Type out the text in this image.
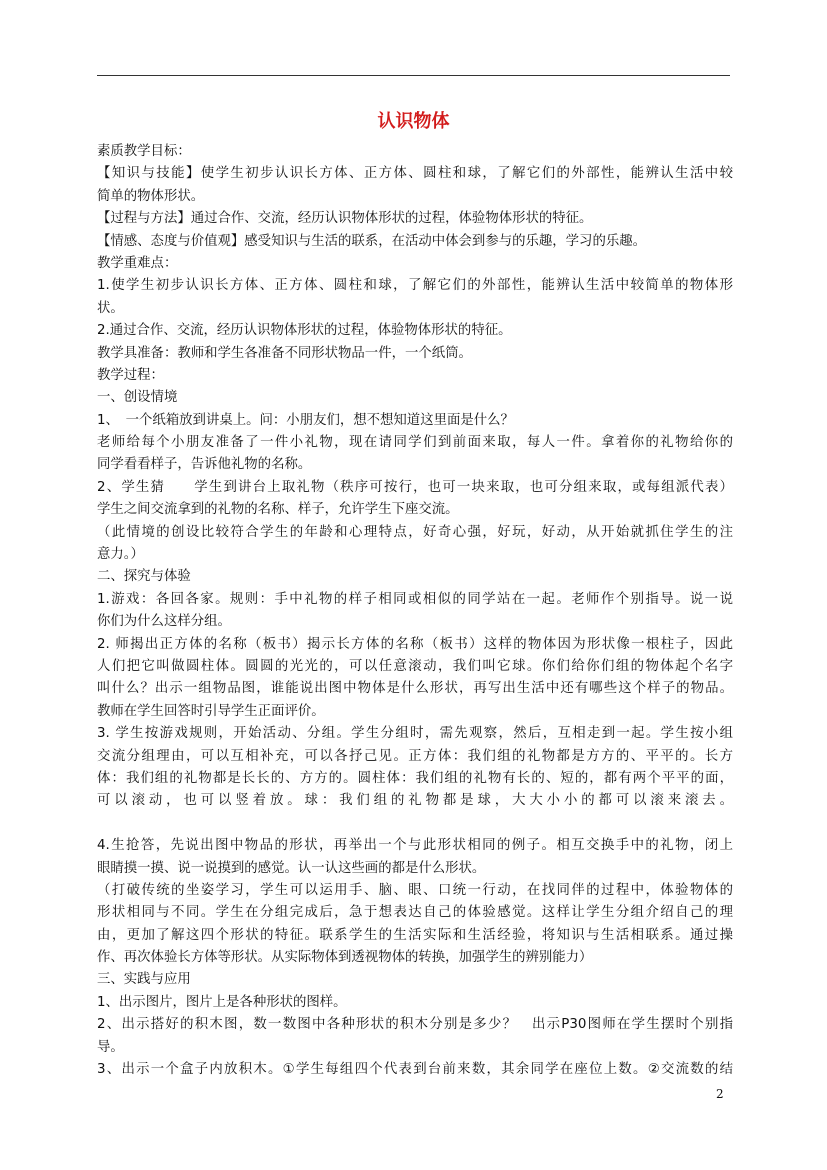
认识物体

素质教学目标：

【知识与技能】使学生初步认识长方体、正方体、圆柱和球，了解它们的外部性，能辨认生活中较

简单的物体形状。

【过程与方法】通过合作、交流，经历认识物体形状的过程，体验物体形状的特征。

【情感、态度与价值观】感受知识与生活的联系，在活动中体会到参与的乐趣，学习的乐趣。

教学重难点：

1.使学生初步认识长方体、正方体、圆柱和球，了解它们的外部性，能辨认生活中较简单的物体形

状。

2.通过合作、交流，经历认识物体形状的过程，体验物体形状的特征。

教学具准备：教师和学生各准备不同形状物品一件，一个纸筒。

教学过程：

一、创设情境

1、　一个纸箱放到讲桌上。问：小朋友们，想不想知道这里面是什么？

老师给每个小朋友准备了一件小礼物，现在请同学们到前面来取，每人一件。拿着你的礼物给你的

同学看看样子，告诉他礼物的名称。

2、学生猜　　学生到讲台上取礼物（秩序可按行，也可一块来取，也可分组来取，或每组派代表）

学生之间交流拿到的礼物的名称、样子，允许学生下座交流。

（此情境的创设比较符合学生的年龄和心理特点，好奇心强，好玩，好动，从开始就抓住学生的注

意力。）

二、探究与体验

1.游戏：各回各家。规则：手中礼物的样子相同或相似的同学站在一起。老师作个别指导。说一说

你们为什么这样分组。

2. 师揭出正方体的名称（板书）揭示长方体的名称（板书）这样的物体因为形状像一根柱子，因此

人们把它叫做圆柱体。圆圆的光光的，可以任意滚动，我们叫它球。你们给你们组的物体起个名字

叫什么？出示一组物品图，谁能说出图中物体是什么形状，再写出生活中还有哪些这个样子的物品。

教师在学生回答时引导学生正面评价。

3. 学生按游戏规则，开始活动、分组。学生分组时，需先观察，然后，互相走到一起。学生按小组

交流分组理由，可以互相补充，可以各抒己见。正方体：我们组的礼物都是方方的、平平的。长方

体：我们组的礼物都是长长的、方方的。圆柱体：我们组的礼物有长的、短的，都有两个平平的面，

可以滚动，也可以竖着放。球：我们组的礼物都是球，大大小小的都可以滚来滚去。

4.生抢答，先说出图中物品的形状，再举出一个与此形状相同的例子。相互交换手中的礼物，闭上

眼睛摸一摸、说一说摸到的感觉。认一认这些画的都是什么形状。

（打破传统的坐姿学习，学生可以运用手、脑、眼、口统一行动，在找同伴的过程中，体验物体的

形状相同与不同。学生在分组完成后，急于想表达自己的体验感觉。这样让学生分组介绍自己的理

由，更加了解这四个形状的特征。联系学生的生活实际和生活经验，将知识与生活相联系。通过操

作、再次体验长方体等形状。从实际物体到透视物体的转换，加强学生的辨别能力）

三、实践与应用

1、出示图片，图片上是各种形状的图样。

2、出示搭好的积木图，数一数图中各种形状的积木分别是多少？　出示P30图师在学生摆时个别指

导。

3、出示一个盒子内放积木。①学生每组四个代表到台前来数，其余同学在座位上数。②交流数的结

2
